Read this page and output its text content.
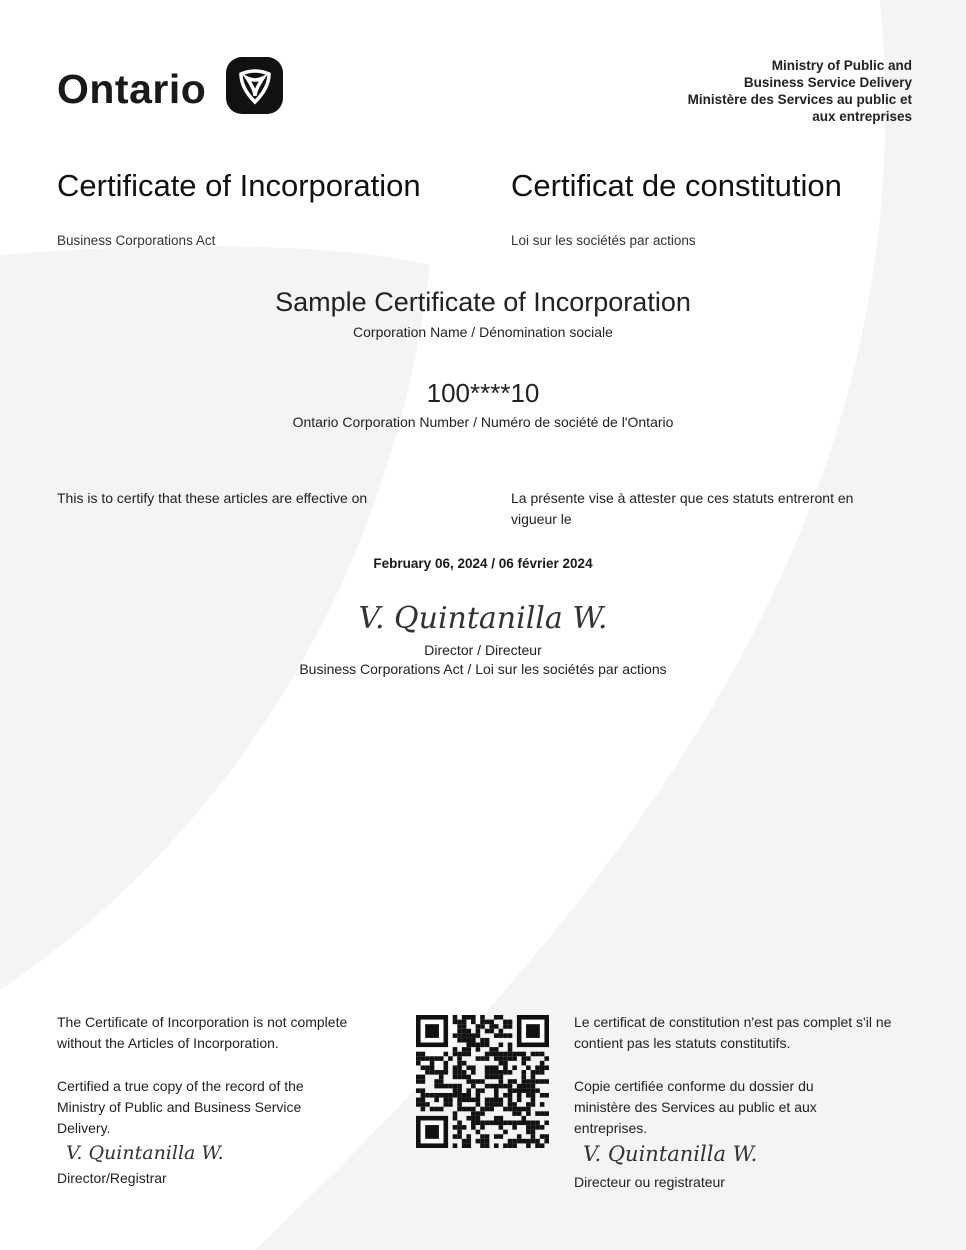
Ontario
Ministry of Public and
Business Service Delivery
Ministère des Services au public et
aux entreprises
Certificate of Incorporation	Certificat de constitution
Business Corporations Act	Loi sur les sociétés par actions
Sample Certificate of Incorporation
Corporation Name / Dénomination sociale
100****10
Ontario Corporation Number / Numéro de société de l'Ontario
This is to certify that these articles are effective on	La présente vise à attester que ces statuts entreront en vigueur le
February 06, 2024 / 06 février 2024
V. Quintanilla W.
Director / Directeur
Business Corporations Act / Loi sur les sociétés par actions
The Certificate of Incorporation is not complete without the Articles of Incorporation.
Certified a true copy of the record of the Ministry of Public and Business Service Delivery.
V. Quintanilla W.
Director/Registrar
Le certificat de constitution n'est pas complet s'il ne contient pas les statuts constitutifs.
Copie certifiée conforme du dossier du ministère des Services au public et aux entreprises.
V. Quintanilla W.
Directeur ou registrateur
